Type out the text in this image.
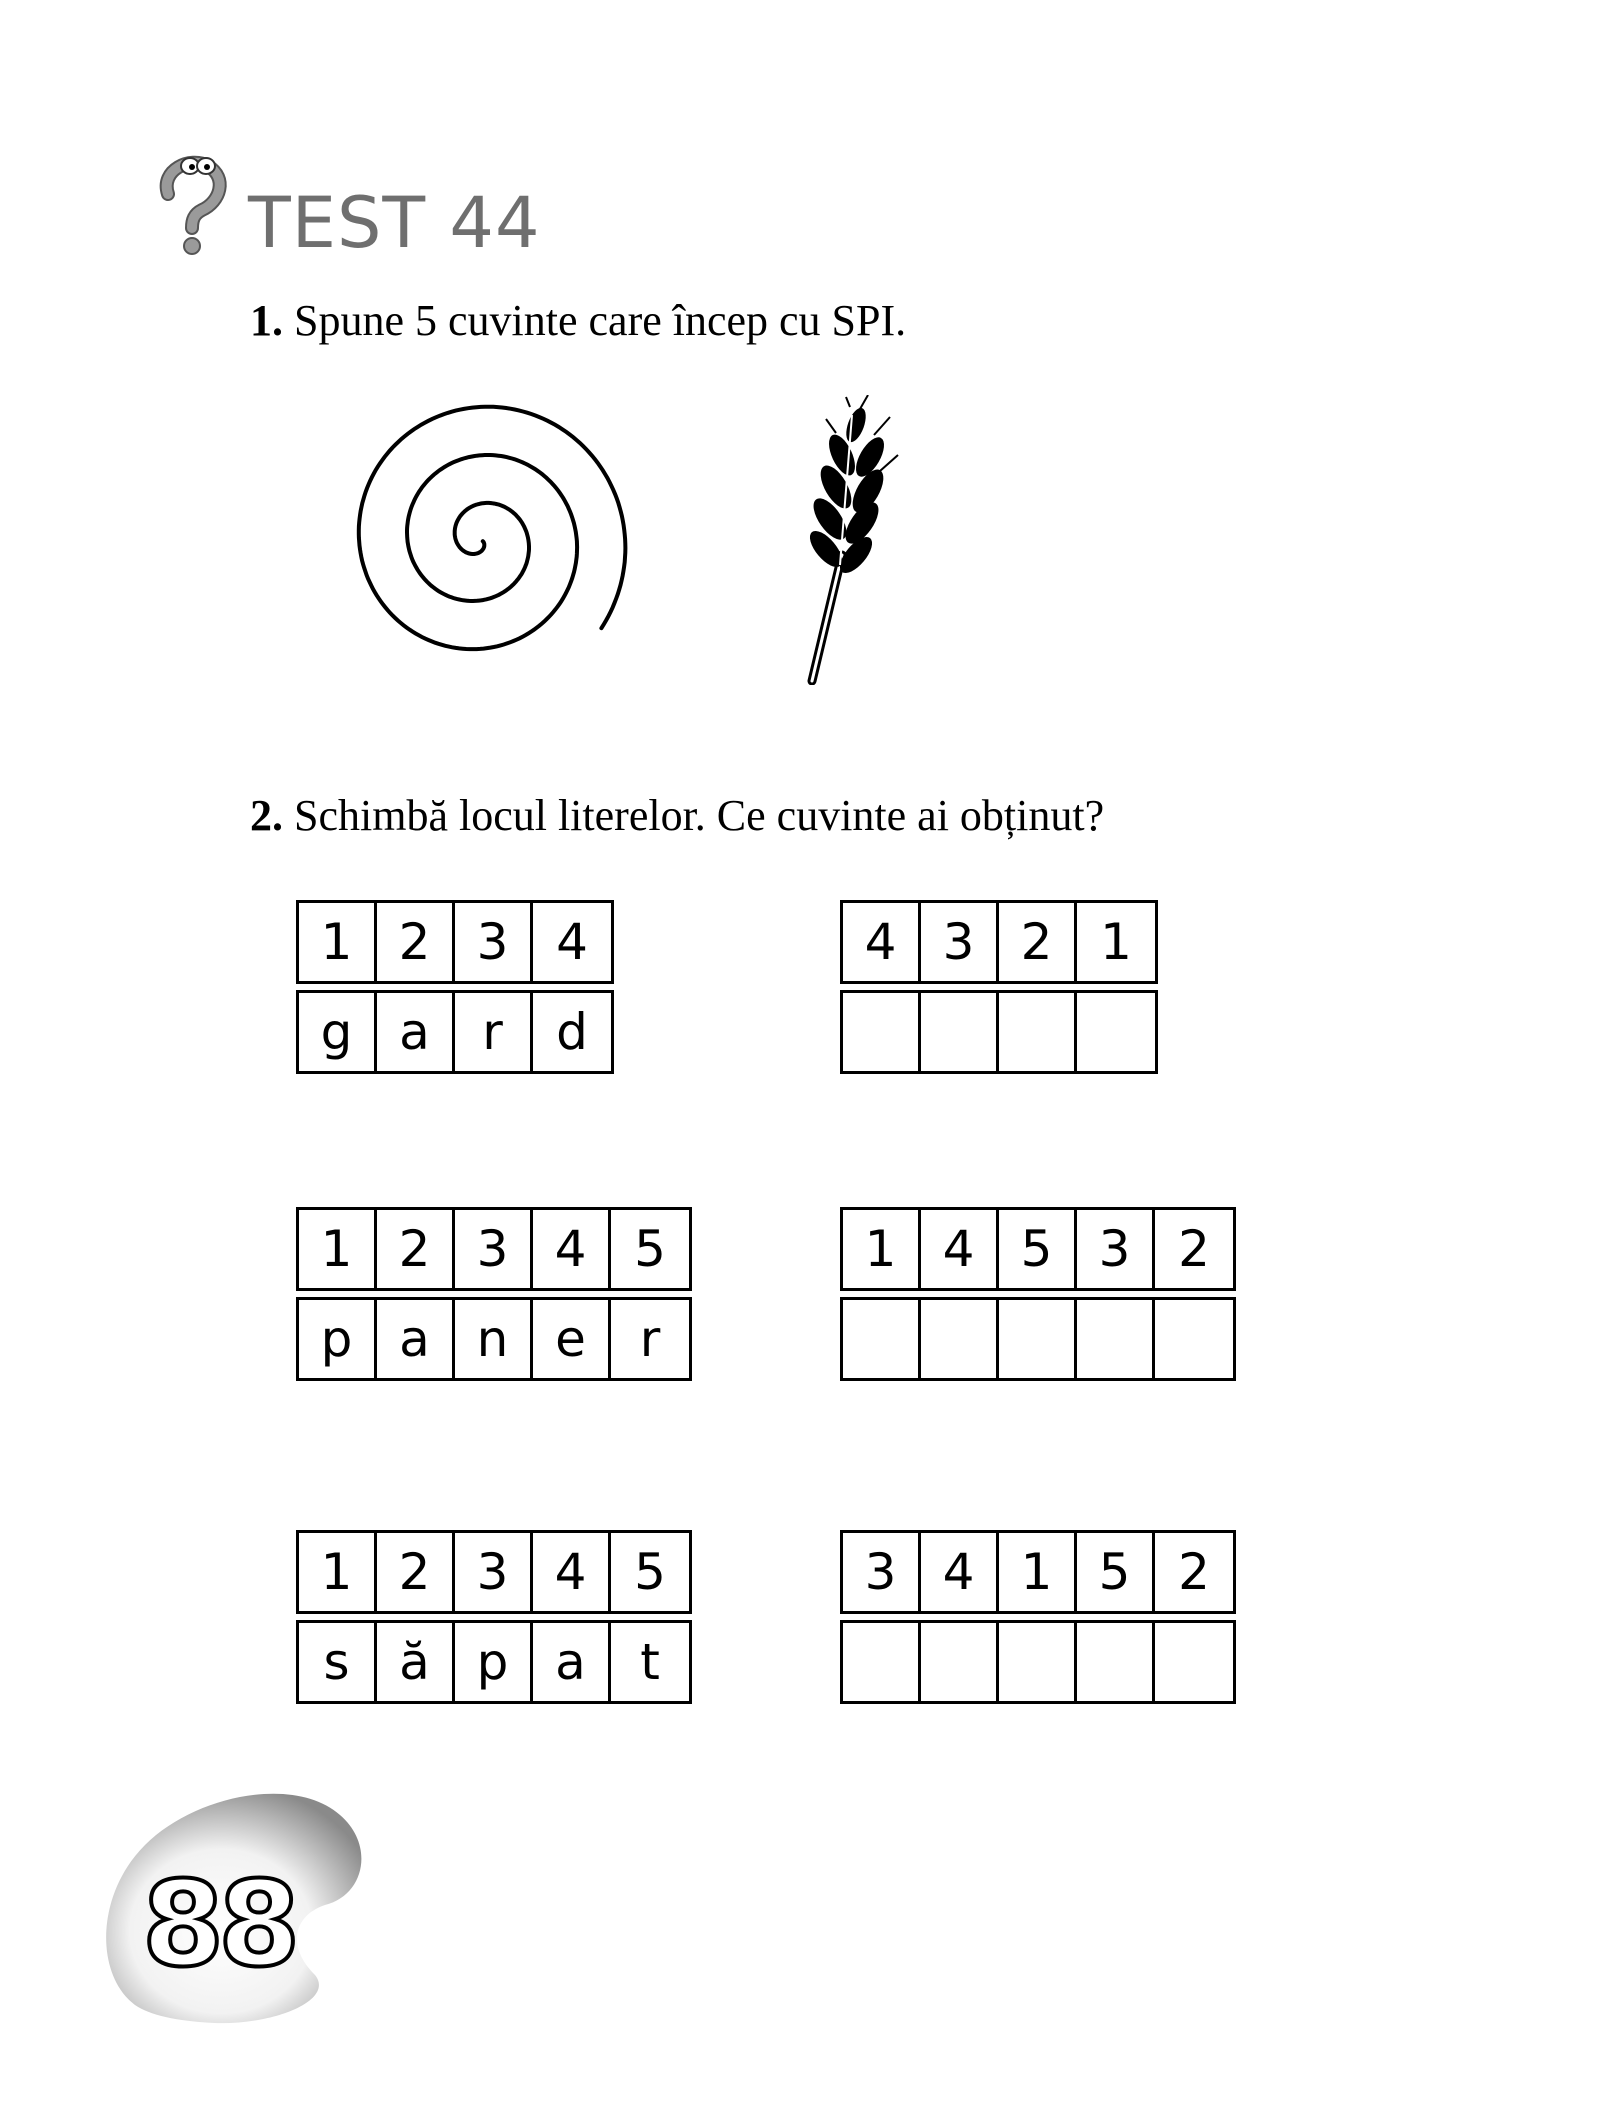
TEST 44
1. Spune 5 cuvinte care încep cu SPI.
2. Schimbă locul literelor. Ce cuvinte ai obținut?
1 2 3 4
g a	r	d
4 3 2 1
1 2 3 4 5
p a n e	r
1 4 5 3 2
1 2 3 4 5
s ă p a	t
3 4 1 5 2
88
